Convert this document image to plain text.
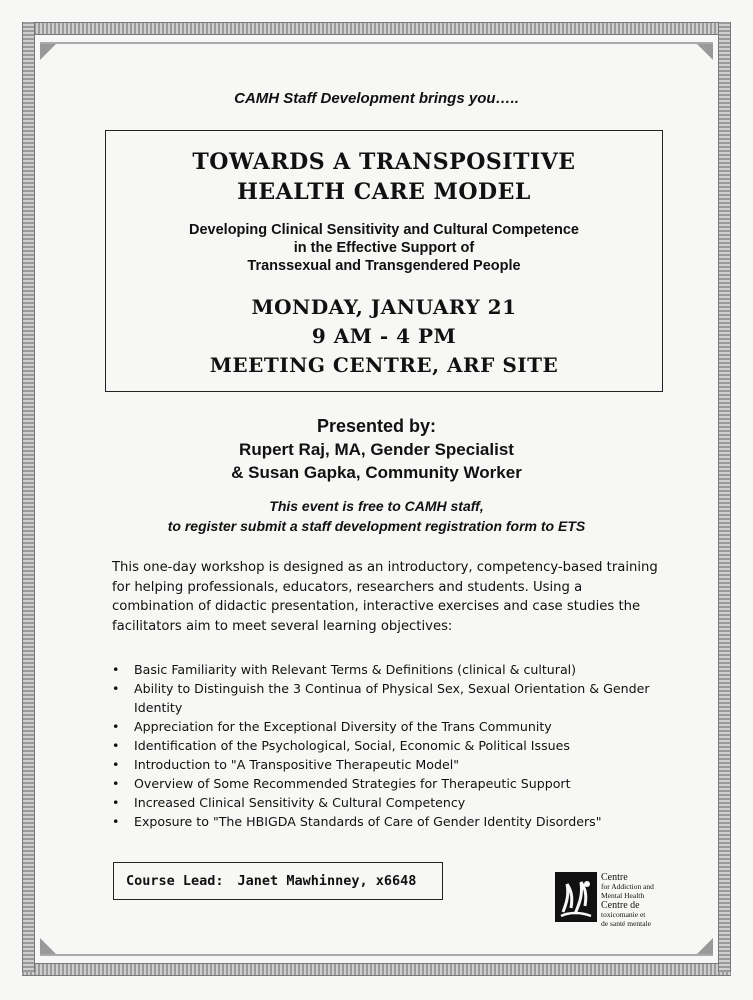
CAMH Staff Development brings you…..
TOWARDS A TRANSPOSITIVE
HEALTH CARE MODEL
Developing Clinical Sensitivity and Cultural Competence
in the Effective Support of
Transsexual and Transgendered People
MONDAY, JANUARY 21
9 AM - 4 PM
MEETING CENTRE, ARF SITE
Presented by:
Rupert Raj, MA, Gender Specialist
& Susan Gapka, Community Worker
This event is free to CAMH staff,
to register submit a staff development registration form to ETS
This one-day workshop is designed as an introductory, competency-based training for helping professionals, educators, researchers and students. Using a combination of didactic presentation, interactive exercises and case studies the facilitators aim to meet several learning objectives:
• Basic Familiarity with Relevant Terms & Definitions (clinical & cultural)
• Ability to Distinguish the 3 Continua of Physical Sex, Sexual Orientation & Gender Identity
• Appreciation for the Exceptional Diversity of the Trans Community
• Identification of the Psychological, Social, Economic & Political Issues
• Introduction to "A Transpositive Therapeutic Model"
• Overview of Some Recommended Strategies for Therapeutic Support
• Increased Clinical Sensitivity & Cultural Competency
• Exposure to "The HBIGDA Standards of Care of Gender Identity Disorders"
Course Lead: Janet Mawhinney, x6648	Centre
for Addiction and
Mental Health
Centre de
toxicomanie et
de santé mentale
